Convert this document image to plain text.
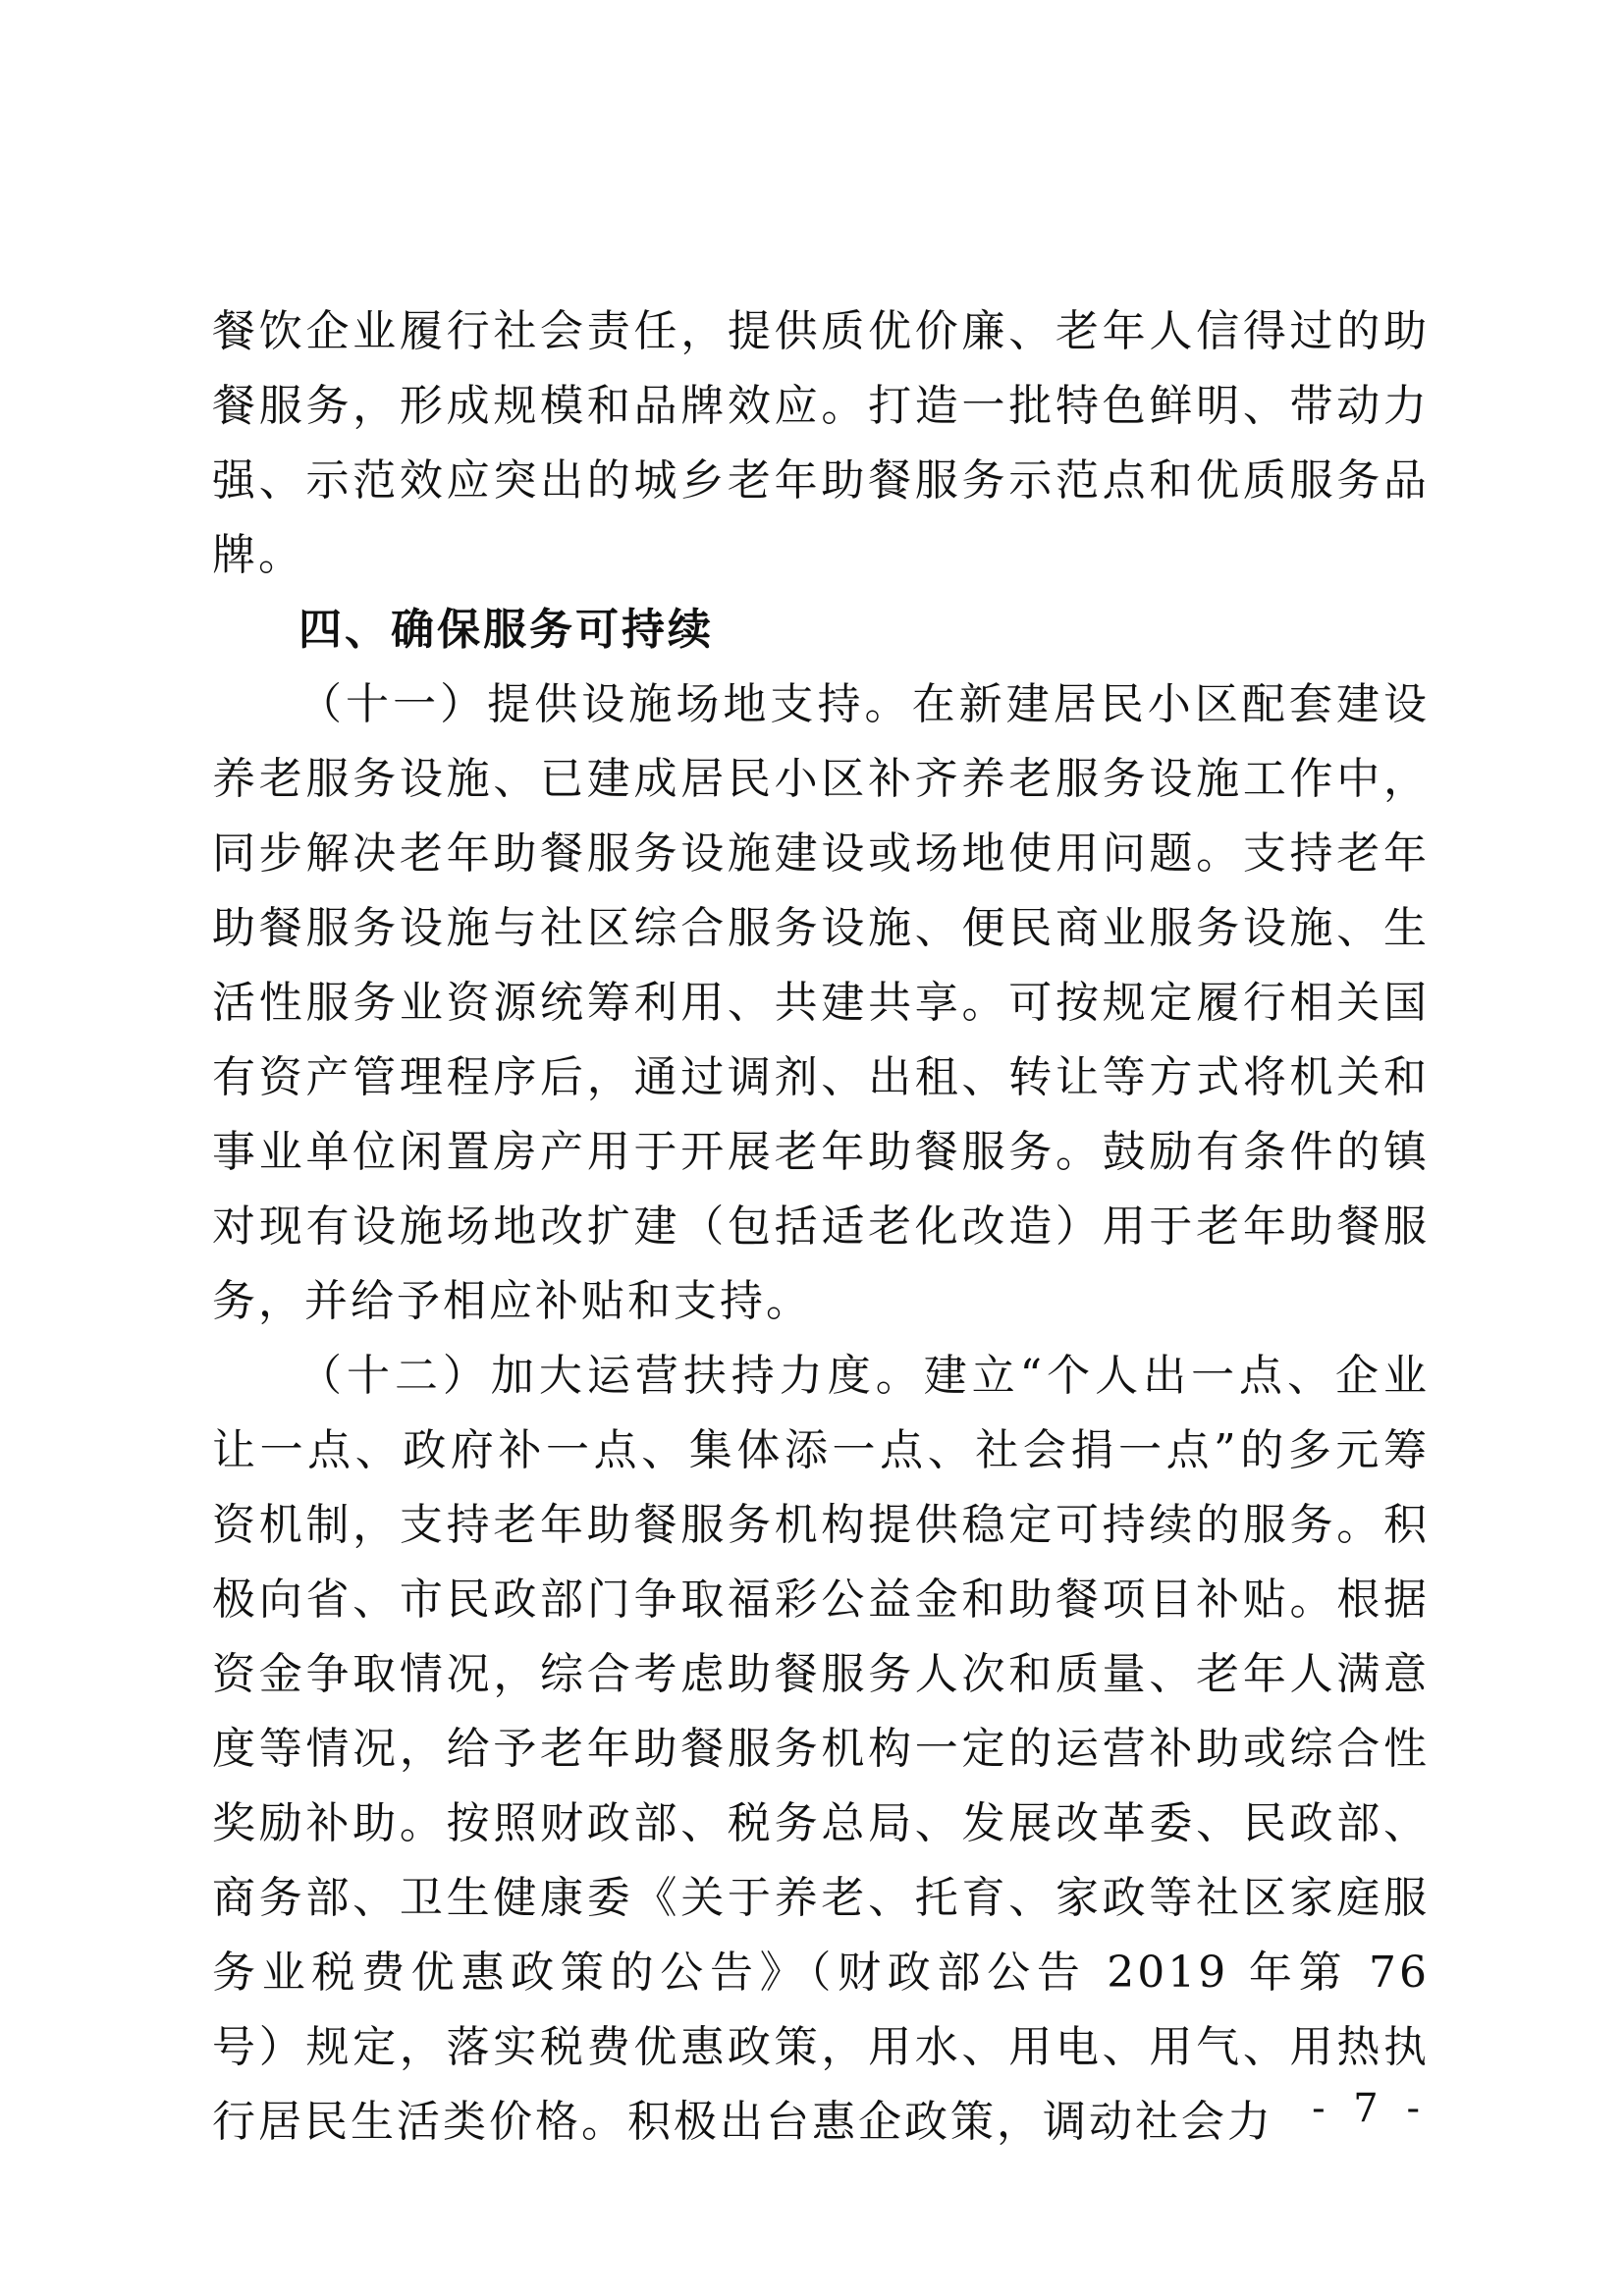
餐饮企业履行社会责任，提供质优价廉、老年人信得过的助餐服务，形成规模和品牌效应。打造一批特色鲜明、带动力强、示范效应突出的城乡老年助餐服务示范点和优质服务品牌。

四、确保服务可持续

（十一）提供设施场地支持。在新建居民小区配套建设养老服务设施、已建成居民小区补齐养老服务设施工作中，同步解决老年助餐服务设施建设或场地使用问题。支持老年助餐服务设施与社区综合服务设施、便民商业服务设施、生活性服务业资源统筹利用、共建共享。可按规定履行相关国有资产管理程序后，通过调剂、出租、转让等方式将机关和事业单位闲置房产用于开展老年助餐服务。鼓励有条件的镇对现有设施场地改扩建（包括适老化改造）用于老年助餐服务，并给予相应补贴和支持。

（十二）加大运营扶持力度。建立“个人出一点、企业让一点、政府补一点、集体添一点、社会捐一点”的多元筹资机制，支持老年助餐服务机构提供稳定可持续的服务。积极向省、市民政部门争取福彩公益金和助餐项目补贴。根据资金争取情况，综合考虑助餐服务人次和质量、老年人满意度等情况，给予老年助餐服务机构一定的运营补助或综合性奖励补助。按照财政部、税务总局、发展改革委、民政部、商务部、卫生健康委《关于养老、托育、家政等社区家庭服务业税费优惠政策的公告》（财政部公告 2019 年第 76 号）规定，落实税费优惠政策，用水、用电、用气、用热执行居民生活类价格。积极出台惠企政策，调动社会力 - 7 -
